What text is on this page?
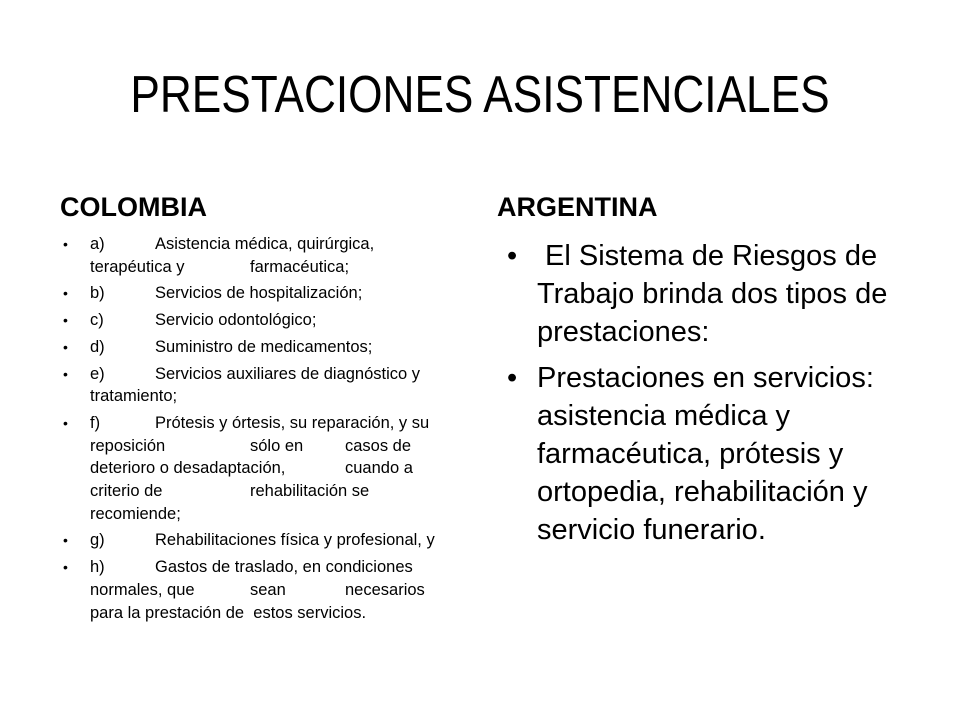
PRESTACIONES ASISTENCIALES
COLOMBIA	ARGENTINA
•
a)	Asistencia médica, quirúrgica,
terapéutica y	farmacéutica;
•
b)	Servicios de hospitalización;
•
c)	Servicio odontológico;
•
d)	Suministro de medicamentos;
•
e)	Servicios auxiliares de diagnóstico y
tratamiento;
•
f)	Prótesis y órtesis, su reparación, y su
reposición	sólo en	casos de
deterioro o desadaptación,	cuando a
criterio de	rehabilitación se
recomiende;
•
g)	Rehabilitaciones física y profesional, y
•
h)	Gastos de traslado, en condiciones
normales, que	sean	necesarios
para la prestación de  estos servicios.
•
El Sistema de Riesgos de
Trabajo brinda dos tipos de
prestaciones:
•
Prestaciones en servicios:
asistencia médica y
farmacéutica, prótesis y
ortopedia, rehabilitación y
servicio funerario.
